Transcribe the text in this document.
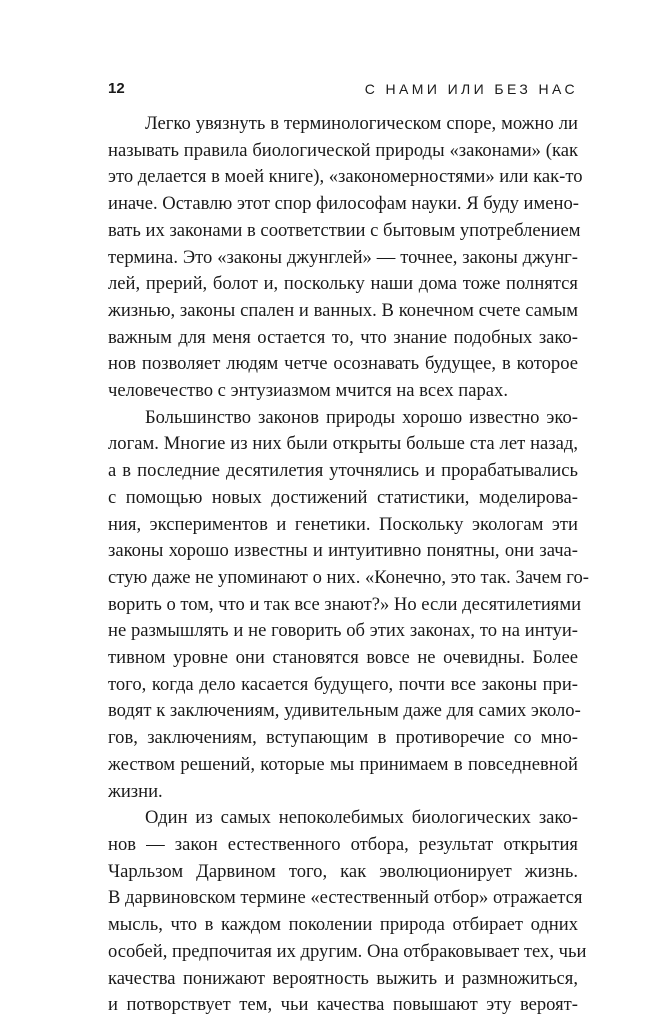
12	С НАМИ ИЛИ БЕЗ НАС

Легко увязнуть в терминологическом споре, можно ли
называть правила биологической природы «законами» (как
это делается в моей книге), «закономерностями» или как-то
иначе. Оставлю этот спор философам науки. Я буду имено-
вать их законами в соответствии с бытовым употреблением
термина. Это «законы джунглей» — точнее, законы джунг-
лей, прерий, болот и, поскольку наши дома тоже полнятся
жизнью, законы спален и ванных. В конечном счете самым
важным для меня остается то, что знание подобных зако-
нов позволяет людям четче осознавать будущее, в которое
человечество с энтузиазмом мчится на всех парах.

Большинство законов природы хорошо известно эко-
логам. Многие из них были открыты больше ста лет назад,
а в последние десятилетия уточнялись и прорабатывались
с помощью новых достижений статистики, моделирова-
ния, экспериментов и генетики. Поскольку экологам эти
законы хорошо известны и интуитивно понятны, они зача-
стую даже не упоминают о них. «Конечно, это так. Зачем го-
ворить о том, что и так все знают?» Но если десятилетиями
не размышлять и не говорить об этих законах, то на интуи-
тивном уровне они становятся вовсе не очевидны. Более
того, когда дело касается будущего, почти все законы при-
водят к заключениям, удивительным даже для самих эколо-
гов, заключениям, вступающим в противоречие со мно-
жеством решений, которые мы принимаем в повседневной
жизни.

Один из самых непоколебимых биологических зако-
нов — закон естественного отбора, результат открытия
Чарльзом Дарвином того, как эволюционирует жизнь.
В дарвиновском термине «естественный отбор» отражается
мысль, что в каждом поколении природа отбирает одних
особей, предпочитая их другим. Она отбраковывает тех, чьи
качества понижают вероятность выжить и размножиться,
и потворствует тем, чьи качества повышают эту вероят-
